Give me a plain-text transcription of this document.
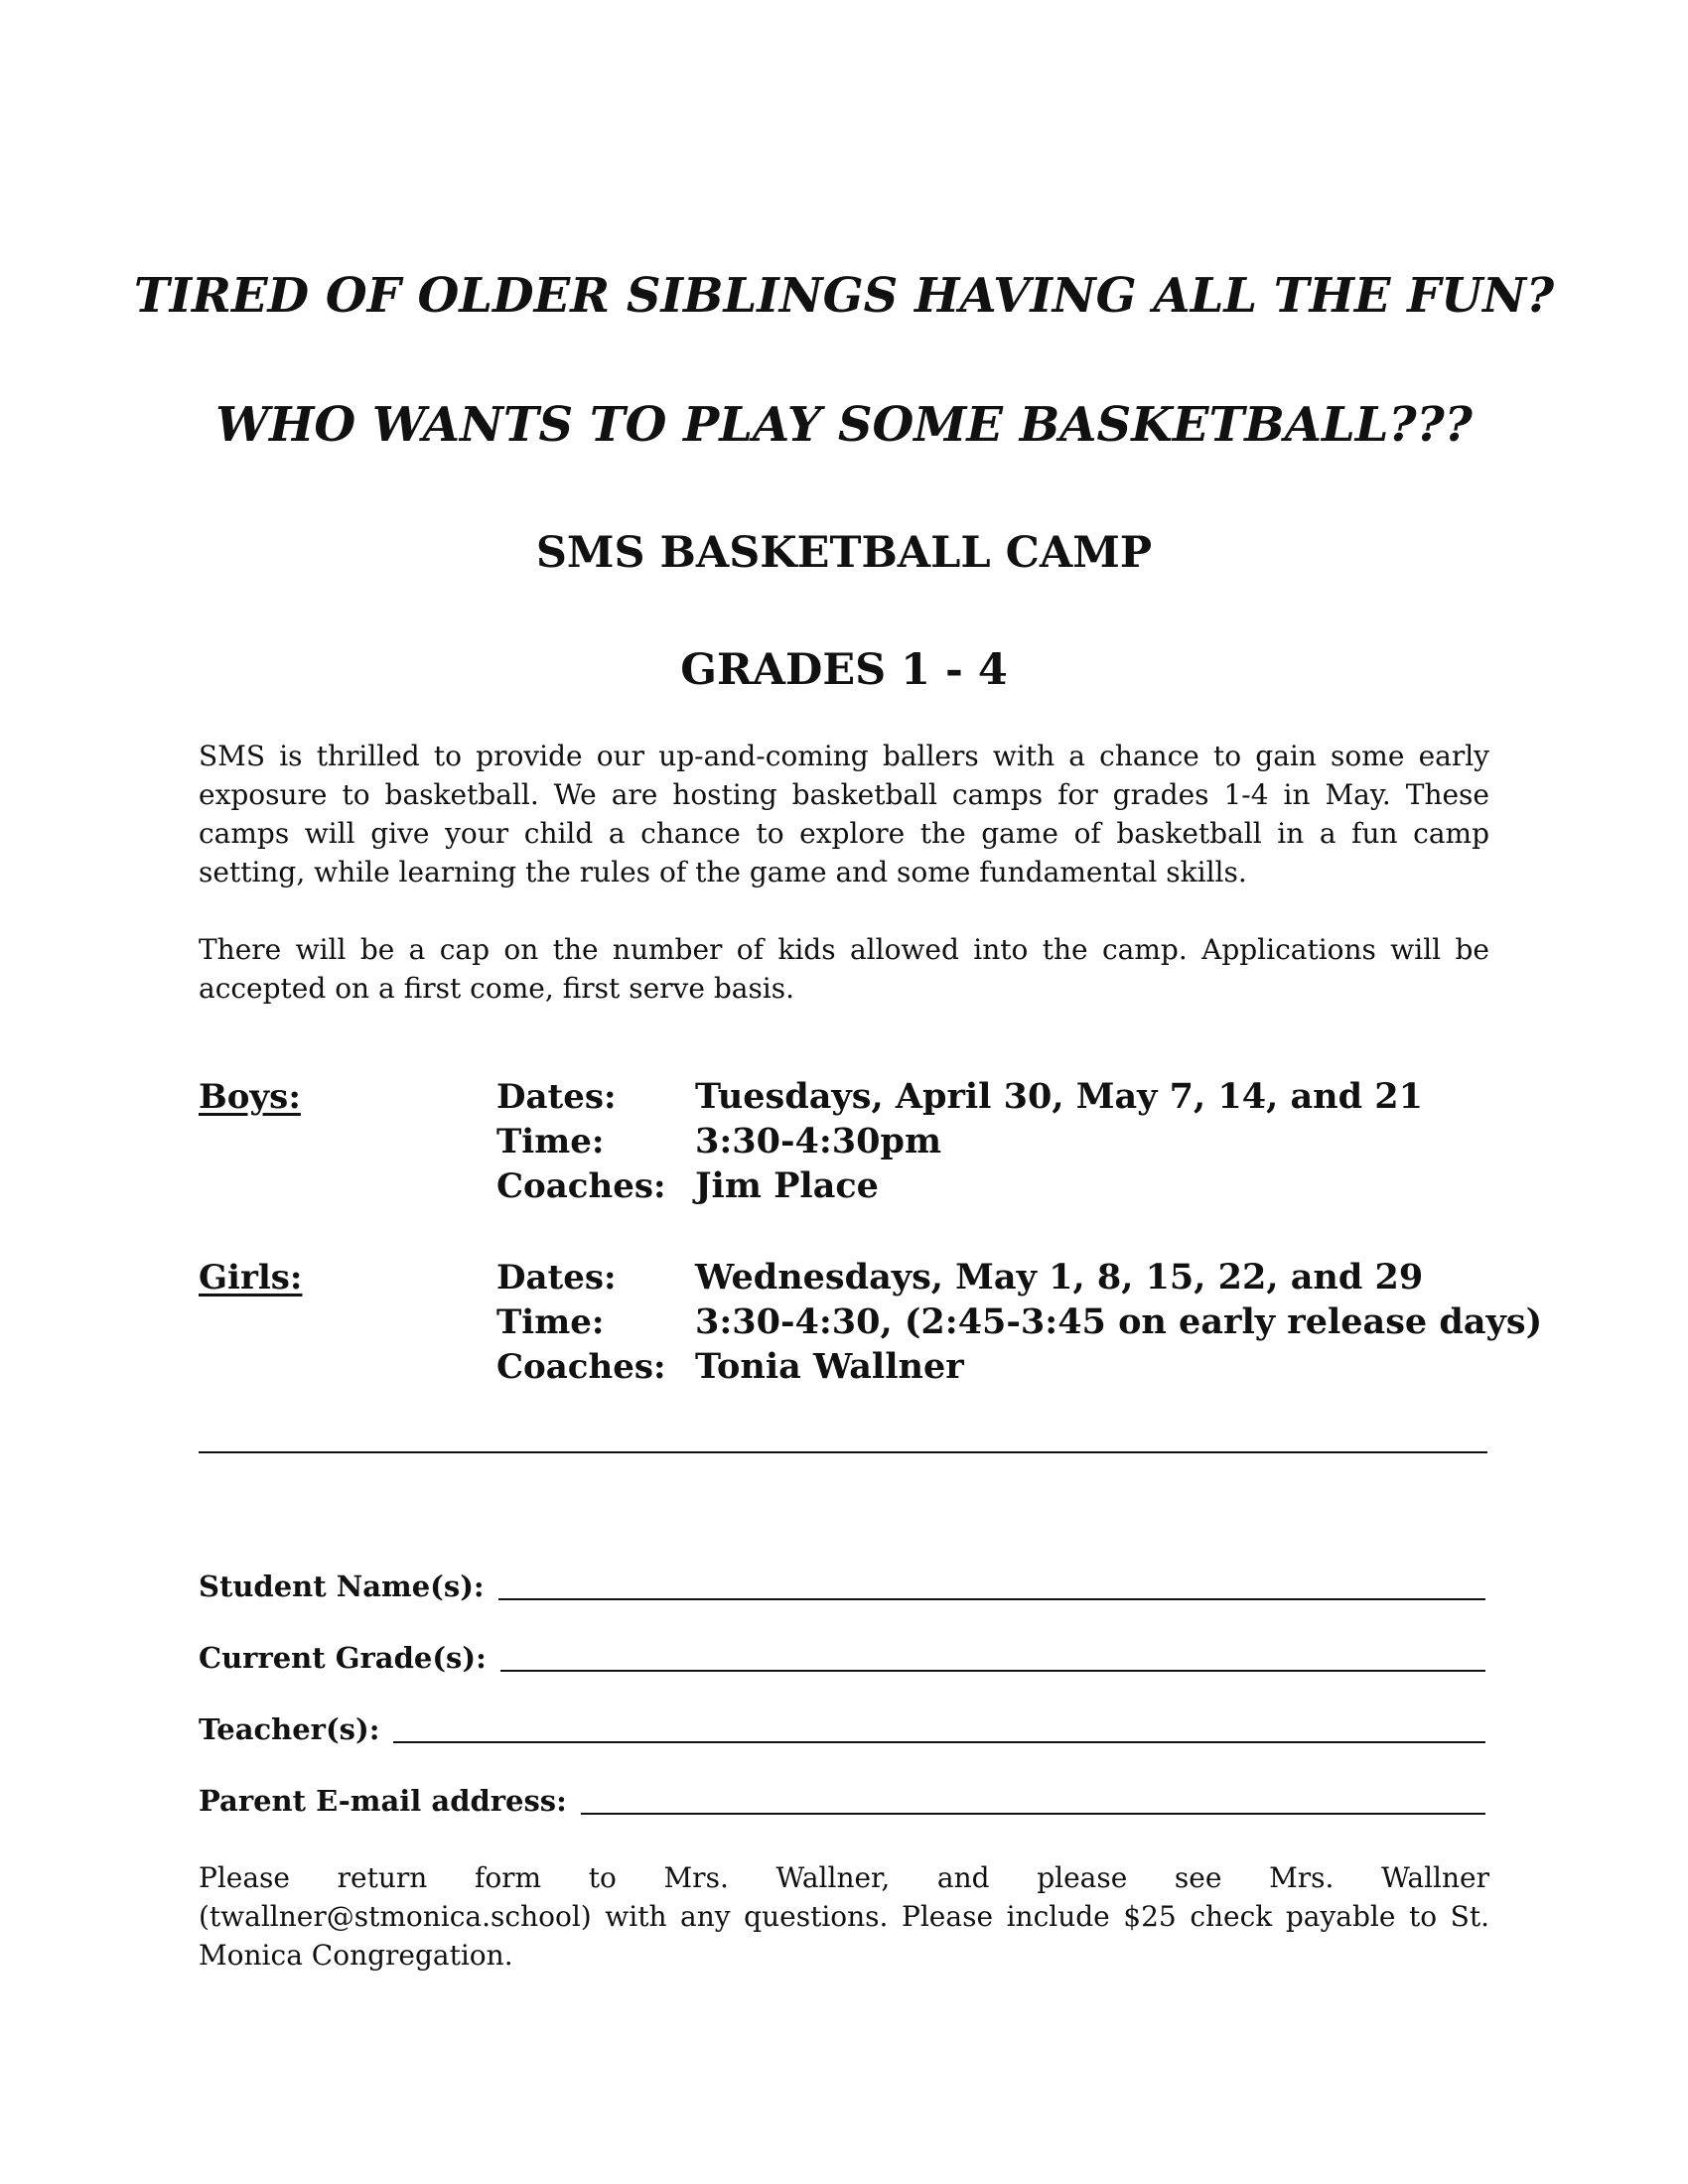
TIRED OF OLDER SIBLINGS HAVING ALL THE FUN?
WHO WANTS TO PLAY SOME BASKETBALL???
SMS BASKETBALL CAMP
GRADES 1 - 4

SMS is thrilled to provide our up-and-coming ballers with a chance to gain some early exposure to basketball. We are hosting basketball camps for grades 1-4 in May. These camps will give your child a chance to explore the game of basketball in a fun camp setting, while learning the rules of the game and some fundamental skills.

There will be a cap on the number of kids allowed into the camp. Applications will be accepted on a first come, first serve basis.

Boys:	Dates: Tuesdays, April 30, May 7, 14, and 21
Time:	3:30-4:30pm
Coaches: Jim Place
Girls:	Dates: Wednesdays, May 1, 8, 15, 22, and 29
Time:	3:30-4:30, (2:45-3:45 on early release days)
Coaches: Tonia Wallner
Student Name(s):
Current Grade(s):
Teacher(s):
Parent E-mail address:

Please return form to Mrs. Wallner, and please see Mrs. Wallner (twallner@stmonica.school) with any questions. Please include $25 check payable to St. Monica Congregation.
